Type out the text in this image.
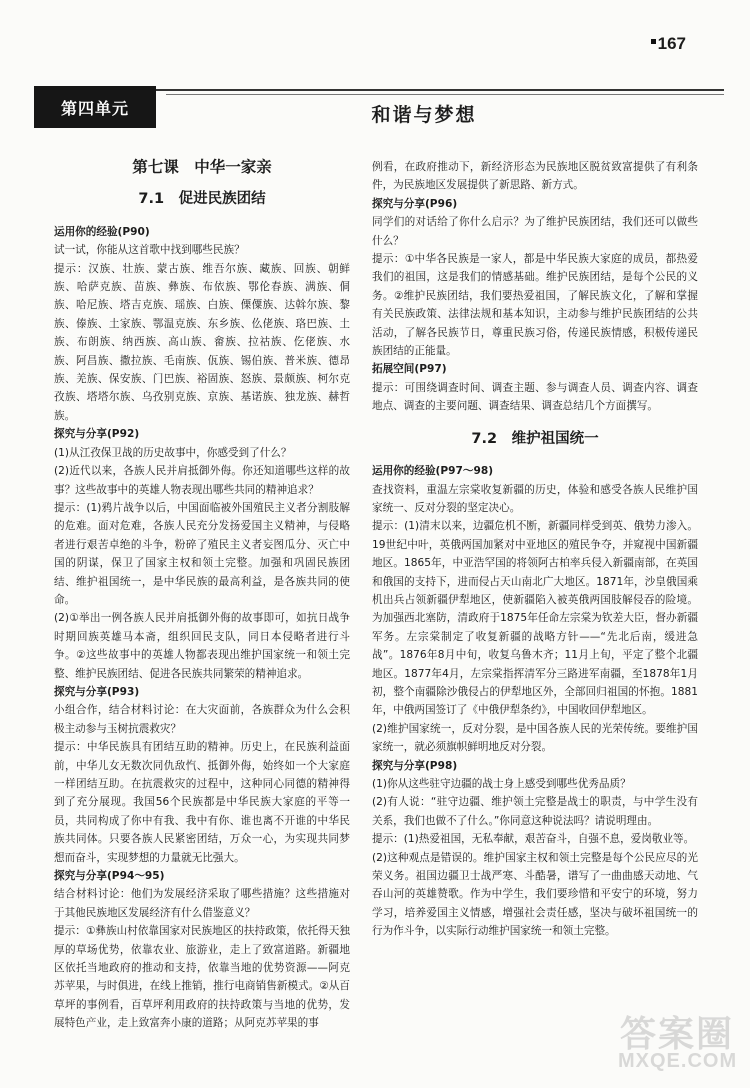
167
第四单元	和谐与梦想
第七课　中华一家亲
7.1　促进民族团结
运用你的经验(P90)
试一试，你能从这首歌中找到哪些民族？
提示：汉族、壮族、蒙古族、维吾尔族、藏族、回族、朝鲜族、哈萨克族、苗族、彝族、布依族、鄂伦春族、满族、侗族、哈尼族、塔吉克族、瑶族、白族、傈僳族、达斡尔族、黎族、傣族、土家族、鄂温克族、东乡族、仫佬族、珞巴族、土族、布朗族、纳西族、高山族、畲族、拉祜族、仡佬族、水族、阿昌族、撒拉族、毛南族、佤族、锡伯族、普米族、德昂族、羌族、保安族、门巴族、裕固族、怒族、景颇族、柯尔克孜族、塔塔尔族、乌孜别克族、京族、基诺族、独龙族、赫哲族。
探究与分享(P92)
(1)从江孜保卫战的历史故事中，你感受到了什么？
(2)近代以来，各族人民并肩抵御外侮。你还知道哪些这样的故事？这些故事中的英雄人物表现出哪些共同的精神追求？
提示：(1)鸦片战争以后，中国面临被外国殖民主义者分割肢解的危难。面对危难，各族人民充分发扬爱国主义精神，与侵略者进行艰苦卓绝的斗争，粉碎了殖民主义者妄图瓜分、灭亡中国的阴谋，保卫了国家主权和领土完整。加强和巩固民族团结、维护祖国统一，是中华民族的最高利益，是各族共同的使命。
(2)①举出一例各族人民并肩抵御外侮的故事即可，如抗日战争时期回族英雄马本斋，组织回民支队，同日本侵略者进行斗争。②这些故事中的英雄人物都表现出维护国家统一和领土完整、维护民族团结、促进各民族共同繁荣的精神追求。
探究与分享(P93)
小组合作，结合材料讨论：在大灾面前，各族群众为什么会积极主动参与玉树抗震救灾？
提示：中华民族具有团结互助的精神。历史上，在民族利益面前，中华儿女无数次同仇敌忾、抵御外侮，始终如一个大家庭一样团结互助。在抗震救灾的过程中，这种同心同德的精神得到了充分展现。我国56个民族都是中华民族大家庭的平等一员，共同构成了你中有我、我中有你、谁也离不开谁的中华民族共同体。只要各族人民紧密团结，万众一心，为实现共同梦想而奋斗，实现梦想的力量就无比强大。
探究与分享(P94～95)
结合材料讨论：他们为发展经济采取了哪些措施？这些措施对于其他民族地区发展经济有什么借鉴意义？
提示：①彝族山村依靠国家对民族地区的扶持政策，依托得天独厚的草场优势，依靠农业、旅游业，走上了致富道路。新疆地区依托当地政府的推动和支持，依靠当地的优势资源——阿克苏苹果，与时俱进，在线上推销，推行电商销售新模式。②从百草坪的事例看，百草坪利用政府的扶持政策与当地的优势，发展特色产业，走上致富奔小康的道路；从阿克苏苹果的事
例看，在政府推动下，新经济形态为民族地区脱贫致富提供了有利条件，为民族地区发展提供了新思路、新方式。
探究与分享(P96)
同学们的对话给了你什么启示？为了维护民族团结，我们还可以做些什么？
提示：①中华各民族是一家人，都是中华民族大家庭的成员，都热爱我们的祖国，这是我们的情感基础。维护民族团结，是每个公民的义务。②维护民族团结，我们要热爱祖国，了解民族文化，了解和掌握有关民族政策、法律法规和基本知识，主动参与维护民族团结的公共活动，了解各民族节日，尊重民族习俗，传递民族情感，积极传递民族团结的正能量。
拓展空间(P97)
提示：可围绕调查时间、调查主题、参与调查人员、调查内容、调查地点、调查的主要问题、调查结果、调查总结几个方面撰写。
7.2　维护祖国统一
运用你的经验(P97～98)
查找资料，重温左宗棠收复新疆的历史，体验和感受各族人民维护国家统一、反对分裂的坚定决心。
提示：(1)清末以来，边疆危机不断，新疆同样受到英、俄势力渗入。19世纪中叶，英俄两国加紧对中亚地区的殖民争夺，并窥视中国新疆地区。1865年，中亚浩罕国的将领阿古柏率兵侵入新疆南部，在英国和俄国的支持下，进而侵占天山南北广大地区。1871年，沙皇俄国乘机出兵占领新疆伊犁地区，使新疆陷入被英俄两国肢解侵吞的险境。为加强西北塞防，清政府于1875年任命左宗棠为钦差大臣，督办新疆军务。左宗棠制定了收复新疆的战略方针——“先北后南，缓进急战”。1876年8月中旬，收复乌鲁木齐；11月上旬，平定了整个北疆地区。1877年4月，左宗棠指挥清军分三路进军南疆，至1878年1月初，整个南疆除沙俄侵占的伊犁地区外，全部回归祖国的怀抱。1881年，中俄两国签订了《中俄伊犁条约》，中国收回伊犁地区。
(2)维护国家统一，反对分裂，是中国各族人民的光荣传统。要维护国家统一，就必须旗帜鲜明地反对分裂。
探究与分享(P98)
(1)你从这些驻守边疆的战士身上感受到哪些优秀品质？
(2)有人说：“驻守边疆、维护领土完整是战士的职责，与中学生没有关系，我们也做不了什么。”你同意这种说法吗？请说明理由。
提示：(1)热爱祖国，无私奉献，艰苦奋斗，自强不息，爱岗敬业等。
(2)这种观点是错误的。维护国家主权和领土完整是每个公民应尽的光荣义务。祖国边疆卫士战严寒、斗酷暑，谱写了一曲曲感天动地、气吞山河的英雄赞歌。作为中学生，我们要珍惜和平安宁的环境，努力学习，培养爱国主义情感，增强社会责任感，坚决与破坏祖国统一的行为作斗争，以实际行动维护国家统一和领土完整。
答案圈
MXQE.COM
